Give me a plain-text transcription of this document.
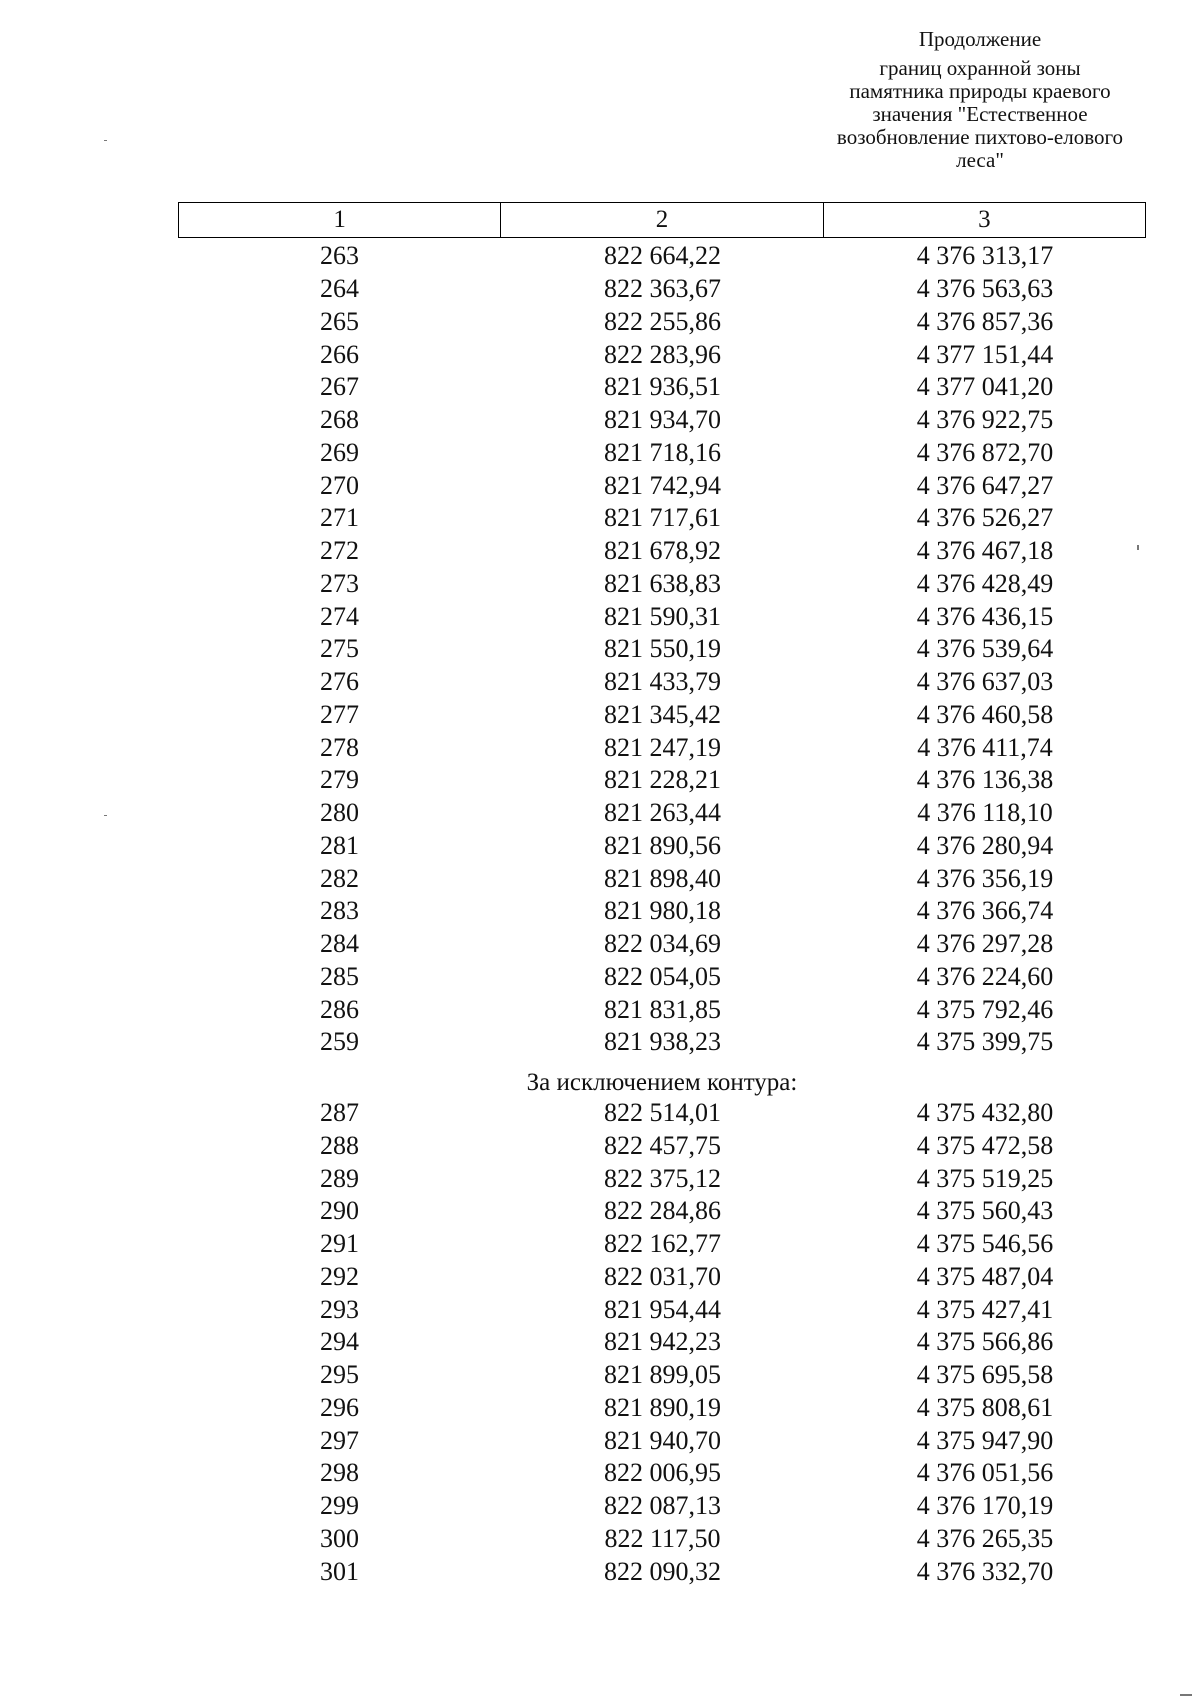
Продолжение
границ охранной зоны
памятника природы краевого
значения "Естественное
возобновление пихтово-елового
леса"
1	2	3
263	822 664,22	4 376 313,17
264	822 363,67	4 376 563,63
265	822 255,86	4 376 857,36
266	822 283,96	4 377 151,44
267	821 936,51	4 377 041,20
268	821 934,70	4 376 922,75
269	821 718,16	4 376 872,70
270	821 742,94	4 376 647,27
271	821 717,61	4 376 526,27
272	821 678,92	4 376 467,18
273	821 638,83	4 376 428,49
274	821 590,31	4 376 436,15
275	821 550,19	4 376 539,64
276	821 433,79	4 376 637,03
277	821 345,42	4 376 460,58
278	821 247,19	4 376 411,74
279	821 228,21	4 376 136,38
280	821 263,44	4 376 118,10
281	821 890,56	4 376 280,94
282	821 898,40	4 376 356,19
283	821 980,18	4 376 366,74
284	822 034,69	4 376 297,28
285	822 054,05	4 376 224,60
286	821 831,85	4 375 792,46
259	821 938,23	4 375 399,75
За исключением контура:
287	822 514,01	4 375 432,80
288	822 457,75	4 375 472,58
289	822 375,12	4 375 519,25
290	822 284,86	4 375 560,43
291	822 162,77	4 375 546,56
292	822 031,70	4 375 487,04
293	821 954,44	4 375 427,41
294	821 942,23	4 375 566,86
295	821 899,05	4 375 695,58
296	821 890,19	4 375 808,61
297	821 940,70	4 375 947,90
298	822 006,95	4 376 051,56
299	822 087,13	4 376 170,19
300	822 117,50	4 376 265,35
301	822 090,32	4 376 332,70
